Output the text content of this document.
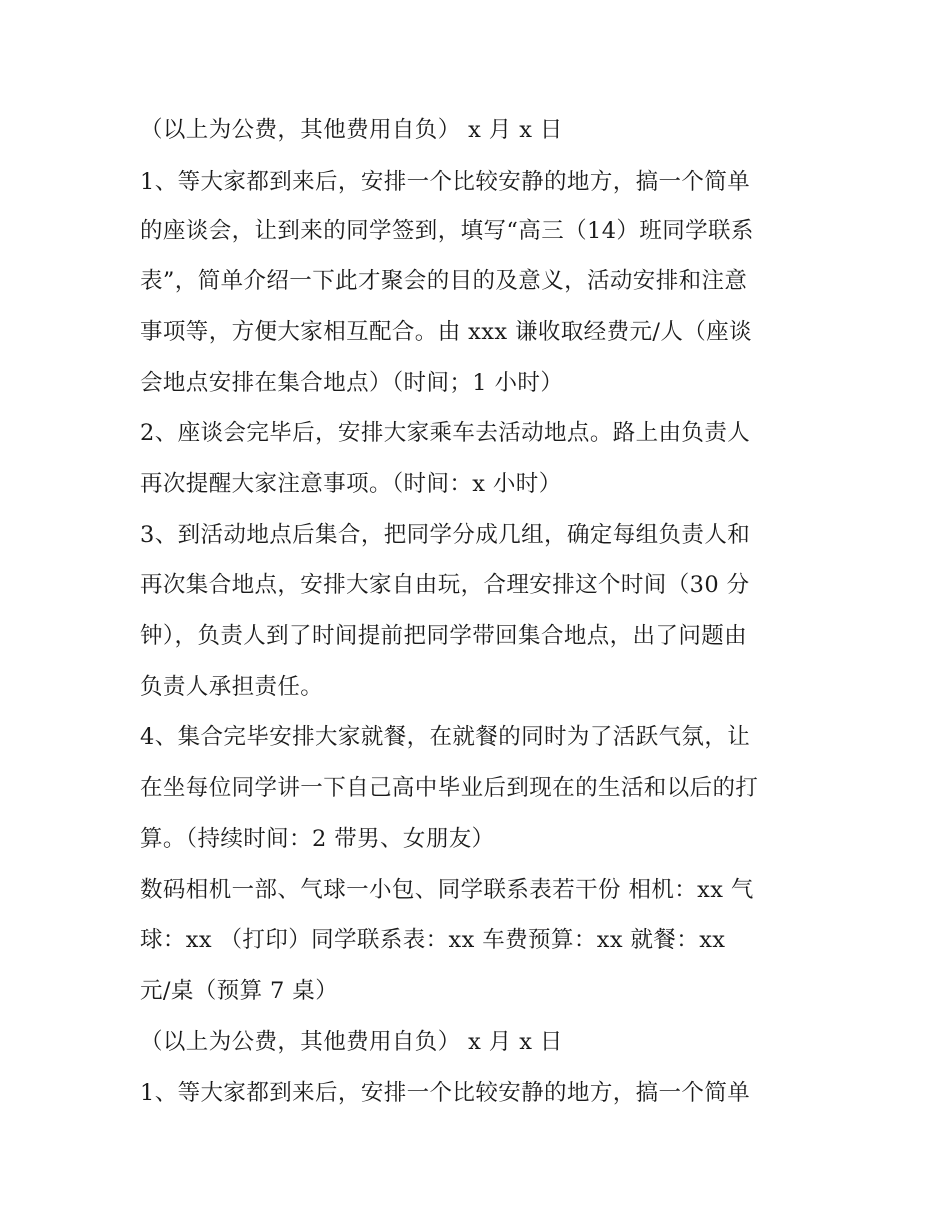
（以上为公费，其他费用自负） x 月 x 日
1、等大家都到来后，安排一个比较安静的地方，搞一个简单
的座谈会，让到来的同学签到，填写“高三（14）班同学联系
表”，简单介绍一下此才聚会的目的及意义，活动安排和注意
事项等，方便大家相互配合。由 xxx 谦收取经费元/人（座谈
会地点安排在集合地点）（时间；1 小时）
2、座谈会完毕后，安排大家乘车去活动地点。路上由负责人
再次提醒大家注意事项。（时间：x 小时）
3、到活动地点后集合，把同学分成几组，确定每组负责人和
再次集合地点，安排大家自由玩，合理安排这个时间（30 分
钟），负责人到了时间提前把同学带回集合地点，出了问题由
负责人承担责任。
4、集合完毕安排大家就餐，在就餐的同时为了活跃气氛，让
在坐每位同学讲一下自己高中毕业后到现在的生活和以后的打
算。（持续时间：2 带男、女朋友）
数码相机一部、气球一小包、同学联系表若干份 相机：xx 气
球：xx （打印）同学联系表：xx 车费预算：xx 就餐：xx
元/桌（预算 7 桌）
（以上为公费，其他费用自负） x 月 x 日
1、等大家都到来后，安排一个比较安静的地方，搞一个简单
